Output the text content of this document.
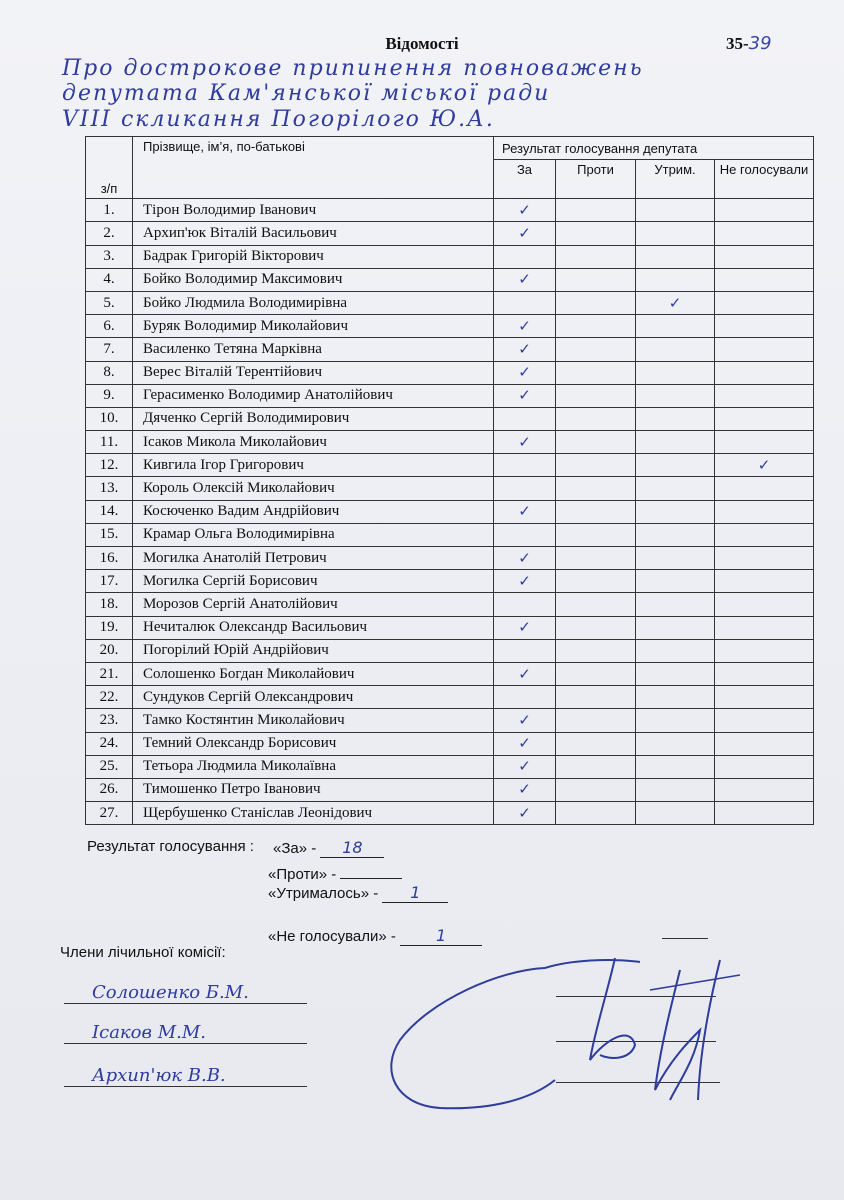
Відомості	35-39
Про дострокове припинення повноважень
депутата Кам'янської міської ради
VIII скликання Погорілого Ю.А.
з/п	Прізвище, ім’я, по-батькові	Результат голосування депутата			
		За	Проти	Утрим.	Не голосували
1.	Тірон Володимир Іванович	✓			
2.	Архип'юк Віталій Васильович	✓			
3.	Бадрак Григорій Вікторович				
4.	Бойко Володимир Максимович	✓			
5.	Бойко Людмила Володимирівна			✓	
6.	Буряк Володимир Миколайович	✓			
7.	Василенко Тетяна Марківна	✓			
8.	Верес Віталій Терентійович	✓			
9.	Герасименко Володимир Анатолійович	✓			
10.	Дяченко Сергій Володимирович				
11.	Ісаков Микола Миколайович	✓			
12.	Кивгила Ігор Григорович				✓
13.	Король Олексій Миколайович				
14.	Косюченко Вадим Андрійович	✓			
15.	Крамар Ольга Володимирівна				
16.	Могилка Анатолій Петрович	✓			
17.	Могилка Сергій Борисович	✓			
18.	Морозов Сергій Анатолійович				
19.	Нечиталюк Олександр Васильович	✓			
20.	Погорілий Юрій Андрійович				
21.	Солошенко Богдан Миколайович	✓			
22.	Сундуков Сергій Олександрович				
23.	Тамко Костянтин Миколайович	✓			
24.	Темний Олександр Борисович	✓			
25.	Тетьора Людмила Миколаївна	✓			
26.	Тимошенко Петро Іванович	✓			
27.	Щербушенко Станіслав Леонідович	✓			
Результат голосування : «За» - 18
«Проти» -
«Утрималось» - 1
«Не голосували» -	1
Члени лічильної комісії:
Солошенко Б.М.
Ісаков М.М.
Архип'юк В.В.
